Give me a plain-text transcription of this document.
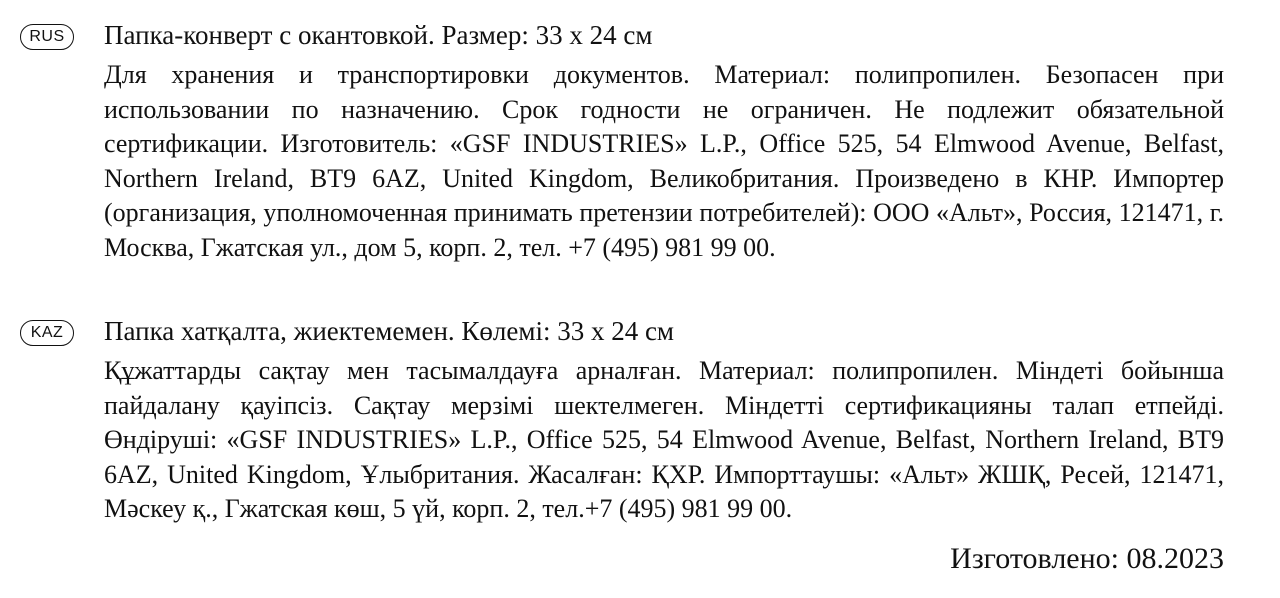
RUS	Папка-конверт с окантовкой. Размер: 33 х 24 см

Для хранения и транспортировки документов. Материал: полипропилен. Безопасен при использовании по назначению. Срок годности не ограничен. Не подлежит обязательной сертификации. Изготовитель: «GSF INDUSTRIES» L.P., Office 525, 54 Elmwood Avenue, Belfast, Northern Ireland, BT9 6AZ, United Kingdom, Великобритания. Произведено в КНР. Импортер (организация, уполномоченная принимать претензии потребителей): ООО «Альт», Россия, 121471, г. Москва, Гжатская ул., дом 5, корп. 2, тел. +7 (495) 981 99 00.

KAZ	Папка хатқалта, жиектемемен. Көлемі: 33 х 24 см

Құжаттарды сақтау мен тасымалдауға арналған. Материал: полипропилен. Міндеті бойынша пайдалану қауіпсіз. Сақтау мерзімі шектелмеген. Міндетті сертификацияны талап етпейді. Өндіруші: «GSF INDUSTRIES» L.P., Office 525, 54 Elmwood Avenue, Belfast, Northern Ireland, BT9 6AZ, United Kingdom, Ұлыбритания. Жасалған: ҚХР. Импорттаушы: «Альт» ЖШҚ, Ресей, 121471, Мәскеу қ., Гжатская көш, 5 үй, корп. 2, тел.+7 (495) 981 99 00.

Изготовлено: 08.2023
